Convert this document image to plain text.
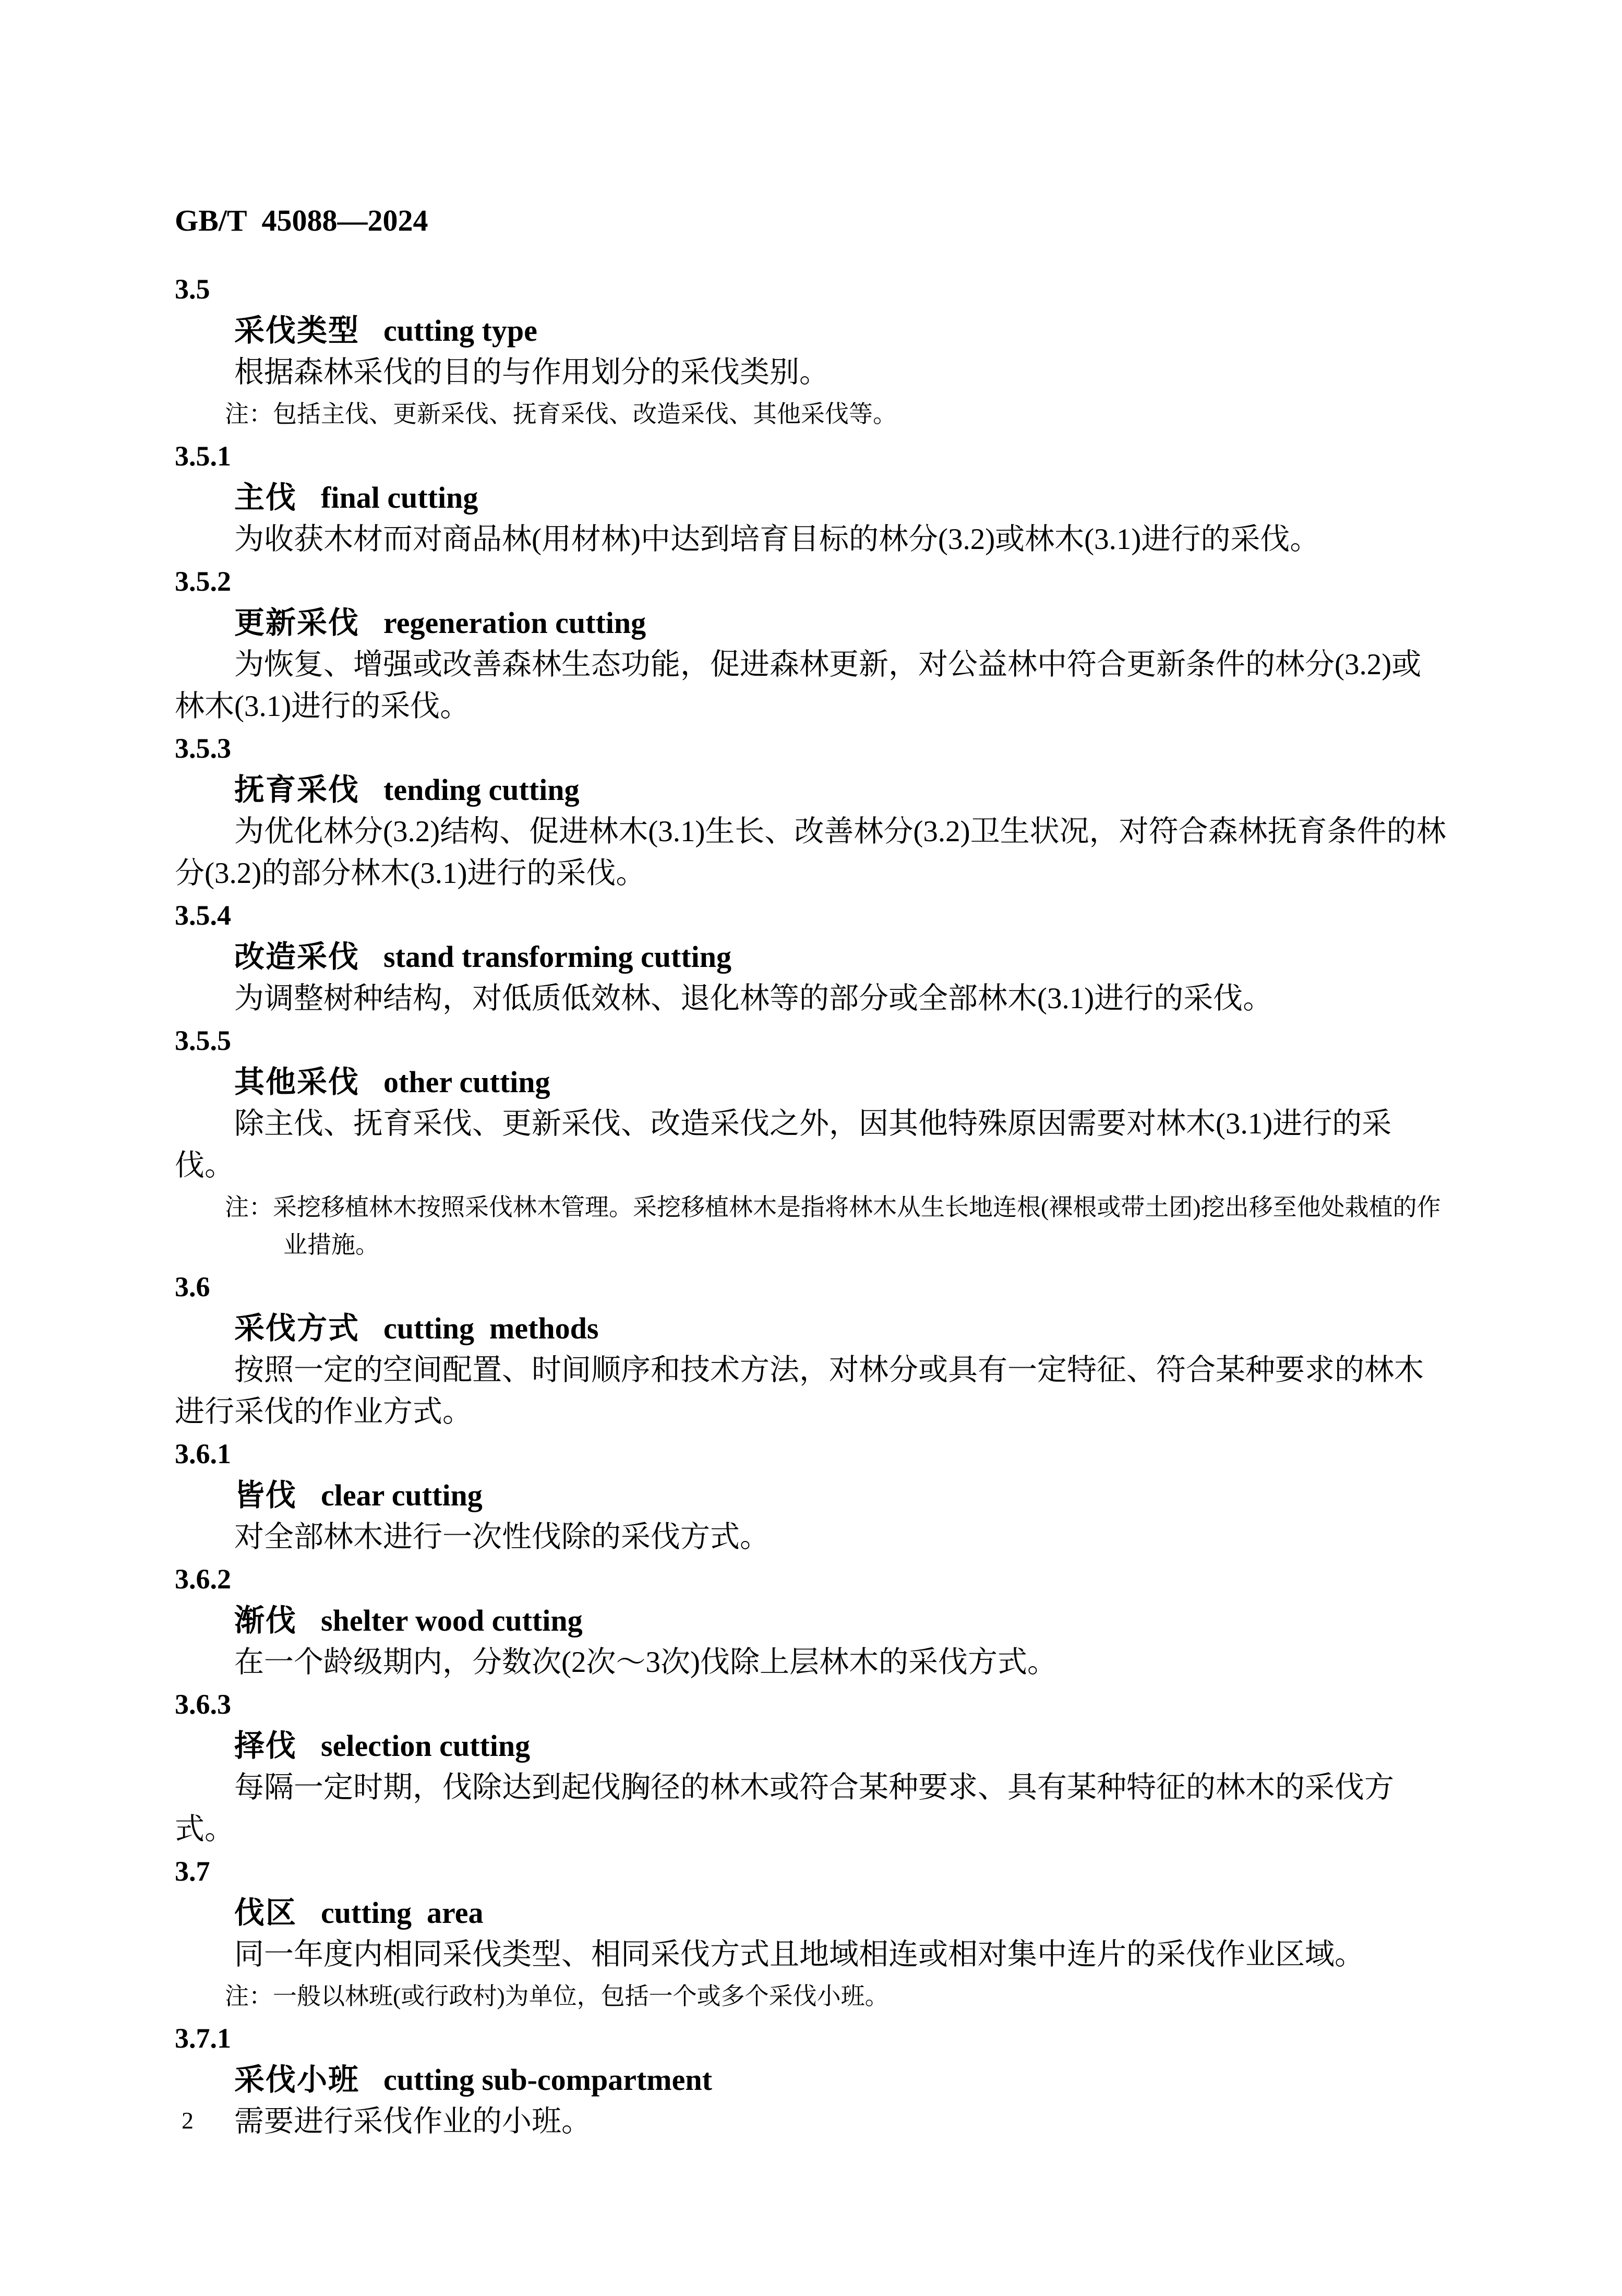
GB/T  45088—2024
3.5
采伐类型 cutting type

根据森林采伐的目的与作用划分的采伐类别。

注：包括主伐、更新采伐、抚育采伐、改造采伐、其他采伐等。

3.5.1
主伐 final cutting

为收获木材而对商品林(用材林)中达到培育目标的林分(3.2)或林木(3.1)进行的采伐。

3.5.2
更新采伐 regeneration cutting

为恢复、增强或改善森林生态功能，促进森林更新，对公益林中符合更新条件的林分(3.2)或林木(3.1)进行的采伐。

3.5.3
抚育采伐 tending cutting

为优化林分(3.2)结构、促进林木(3.1)生长、改善林分(3.2)卫生状况，对符合森林抚育条件的林分(3.2)的部分林木(3.1)进行的采伐。

3.5.4
改造采伐 stand transforming cutting

为调整树种结构，对低质低效林、退化林等的部分或全部林木(3.1)进行的采伐。

3.5.5
其他采伐 other cutting

除主伐、抚育采伐、更新采伐、改造采伐之外，因其他特殊原因需要对林木(3.1)进行的采伐。

注：采挖移植林木按照采伐林木管理。采挖移植林木是指将林木从生长地连根(裸根或带土团)挖出移至他处栽植的作业措施。

3.6
采伐方式 cutting  methods

按照一定的空间配置、时间顺序和技术方法，对林分或具有一定特征、符合某种要求的林木进行采伐的作业方式。

3.6.1
皆伐 clear cutting

对全部林木进行一次性伐除的采伐方式。

3.6.2
渐伐 shelter wood cutting

在一个龄级期内，分数次(2次～3次)伐除上层林木的采伐方式。

3.6.3
择伐 selection cutting

每隔一定时期，伐除达到起伐胸径的林木或符合某种要求、具有某种特征的林木的采伐方式。

3.7
伐区 cutting  area

同一年度内相同采伐类型、相同采伐方式且地域相连或相对集中连片的采伐作业区域。

注：一般以林班(或行政村)为单位，包括一个或多个采伐小班。

3.7.1
采伐小班 cutting sub-compartment

需要进行采伐作业的小班。

2
